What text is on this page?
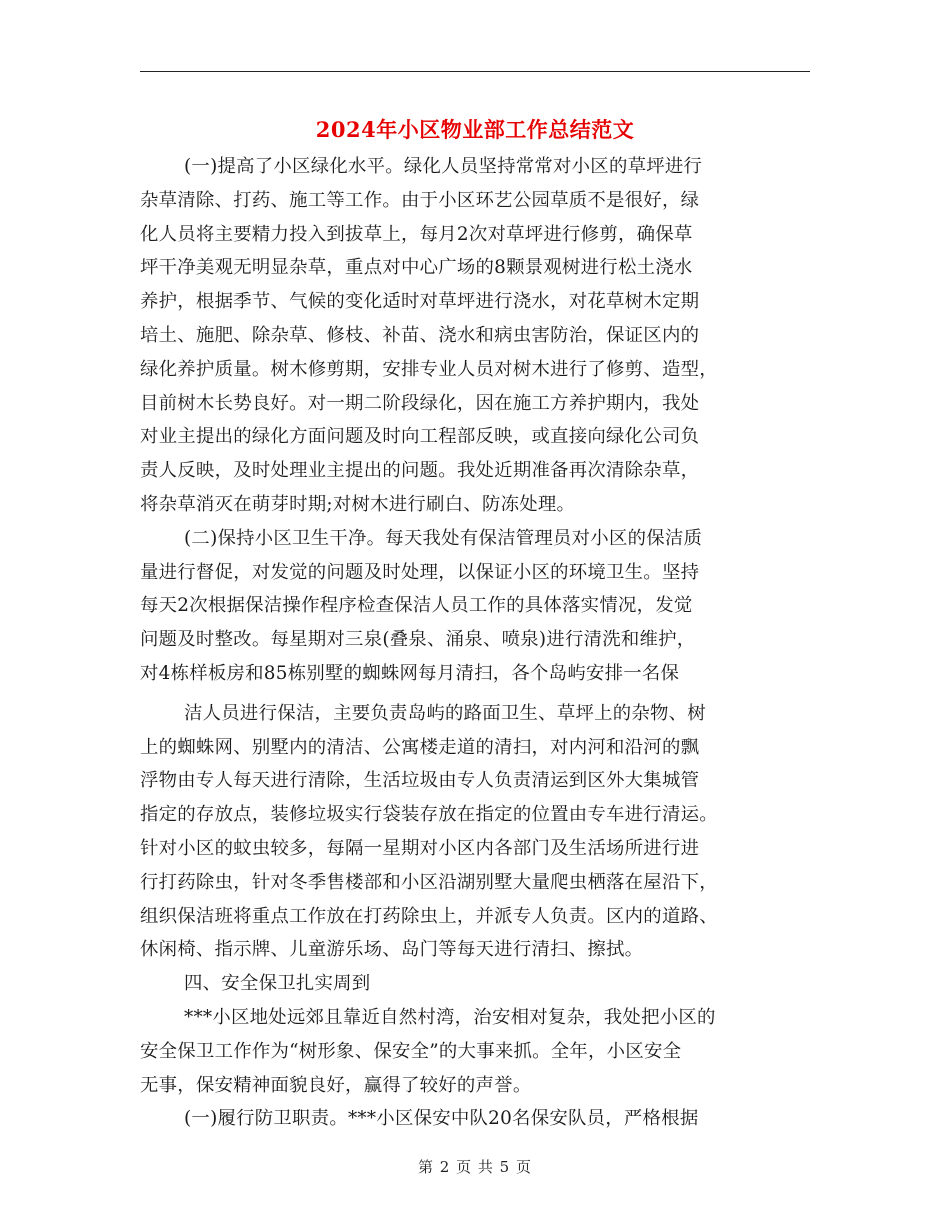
2024年小区物业部工作总结范文
(一)提高了小区绿化水平。绿化人员坚持常常对小区的草坪进行
杂草清除、打药、施工等工作。由于小区环艺公园草质不是很好，绿
化人员将主要精力投入到拔草上，每月2次对草坪进行修剪，确保草
坪干净美观无明显杂草，重点对中心广场的8颗景观树进行松土浇水
养护，根据季节、气候的变化适时对草坪进行浇水，对花草树木定期
培土、施肥、除杂草、修枝、补苗、浇水和病虫害防治，保证区内的
绿化养护质量。树木修剪期，安排专业人员对树木进行了修剪、造型，
目前树木长势良好。对一期二阶段绿化，因在施工方养护期内，我处
对业主提出的绿化方面问题及时向工程部反映，或直接向绿化公司负
责人反映，及时处理业主提出的问题。我处近期准备再次清除杂草，
将杂草消灭在萌芽时期;对树木进行刷白、防冻处理。
(二)保持小区卫生干净。每天我处有保洁管理员对小区的保洁质
量进行督促，对发觉的问题及时处理，以保证小区的环境卫生。坚持
每天2次根据保洁操作程序检查保洁人员工作的具体落实情况，发觉
问题及时整改。每星期对三泉(叠泉、涌泉、喷泉)进行清洗和维护，
对4栋样板房和85栋别墅的蜘蛛网每月清扫，各个岛屿安排一名保
洁人员进行保洁，主要负责岛屿的路面卫生、草坪上的杂物、树
上的蜘蛛网、别墅内的清洁、公寓楼走道的清扫，对内河和沿河的飘
浮物由专人每天进行清除，生活垃圾由专人负责清运到区外大集城管
指定的存放点，装修垃圾实行袋装存放在指定的位置由专车进行清运。
针对小区的蚊虫较多，每隔一星期对小区内各部门及生活场所进行进
行打药除虫，针对冬季售楼部和小区沿湖别墅大量爬虫栖落在屋沿下，
组织保洁班将重点工作放在打药除虫上，并派专人负责。区内的道路、
休闲椅、指示牌、儿童游乐场、岛门等每天进行清扫、擦拭。
四、安全保卫扎实周到
***小区地处远郊且靠近自然村湾，治安相对复杂，我处把小区的
安全保卫工作作为“树形象、保安全”的大事来抓。全年，小区安全
无事，保安精神面貌良好，赢得了较好的声誉。
(一)履行防卫职责。***小区保安中队20名保安队员，严格根据
第 2 页 共 5 页
